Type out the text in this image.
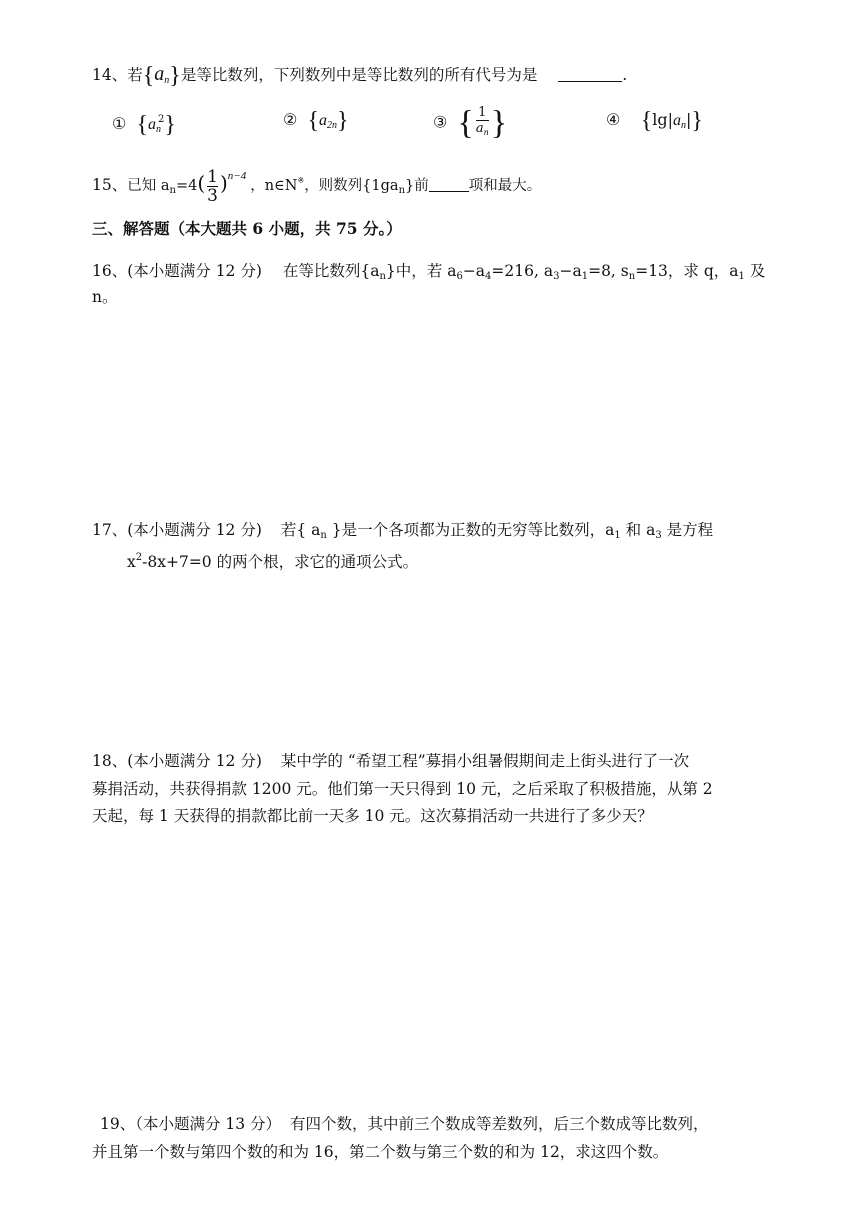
14、若$\{a_n\}$是等比数列，下列数列中是等比数列的所有代号为是	.
① $\{a_n^2\}$	② $\{a_{2n}\}$	③ { $\frac{1}{a_n}$ }	④ $\{\lg|a_n|\}$
15、已知 $a_n=4( \frac{1}{3} )^{n-4}$，n∈N※，则数列$\{1ga_n\}$前	项和最大。
三、解答题（本大题共 6 小题，共 75 分。）
16、(本小题满分 12 分) 在等比数列$\{a_n\}$中，若 $a_6-a_4=216$, $a_3-a_1=8$, $s_n=13$，求 q，$a_1$ 及
n。
17、(本小题满分 12 分) 若{ $a_n$ }是一个各项都为正数的无穷等比数列，$a_1$ 和 $a_3$ 是方程
$x^2-8x+7=0$ 的两个根，求它的通项公式。
18、(本小题满分 12 分) 某中学的 “希望工程”募捐小组暑假期间走上街头进行了一次
募捐活动，共获得捐款 1200 元。他们第一天只得到 10 元，之后采取了积极措施，从第 2
天起，每 1 天获得的捐款都比前一天多 10 元。这次募捐活动一共进行了多少天？
19、（本小题满分 13 分） 有四个数，其中前三个数成等差数列，后三个数成等比数列，
并且第一个数与第四个数的和为 16，第二个数与第三个数的和为 12，求这四个数。
